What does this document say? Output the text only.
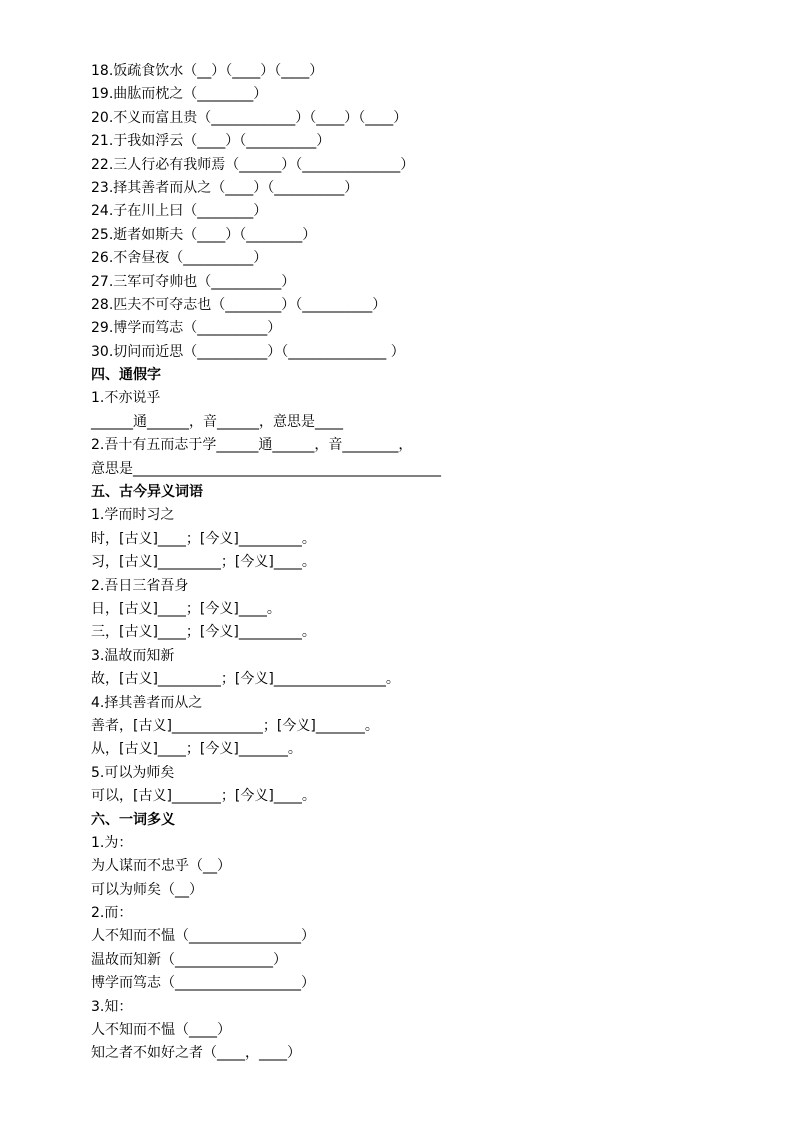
18.饭疏食饮水（__）（____）（____）
19.曲肱而枕之（________）
20.不义而富且贵（____________）（____）（____）
21.于我如浮云（____）（__________）
22.三人行必有我师焉（______）（______________）
23.择其善者而从之（____）（__________）
24.子在川上曰（________）
25.逝者如斯夫（____）（________）
26.不舍昼夜（__________）
27.三军可夺帅也（__________）
28.匹夫不可夺志也（________）（__________）
29.博学而笃志（__________）
30.切问而近思（__________）（______________ ）
四、通假字
1.不亦说乎
______通______，音______，意思是____
2.吾十有五而志于学______通______，音________，
意思是____________________________________________
五、古今异义词语
1.学而时习之
时，[古义]____；[今义]_________。
习，[古义]_________；[今义]____。
2.吾日三省吾身
日，[古义]____；[今义]____。
三，[古义]____；[今义]_________。
3.温故而知新
故，[古义]_________；[今义]________________。
4.择其善者而从之
善者，[古义]_____________；[今义]_______。
从，[古义]____；[今义]_______。
5.可以为师矣
可以，[古义]_______；[今义]____。
六、一词多义
1.为：
为人谋而不忠乎（__）
可以为师矣（__）
2.而：
人不知而不愠（________________）
温故而知新（______________）
博学而笃志（__________________）
3.知：
人不知而不愠（____）
知之者不如好之者（____，____）
